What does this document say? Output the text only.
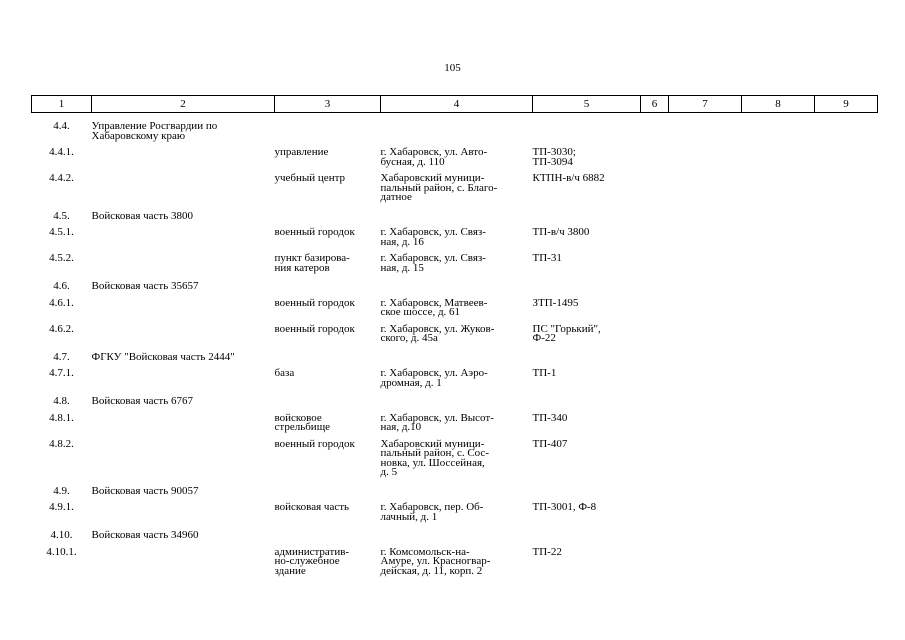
105
1	2	3	4	5	6	7	8	9
4.4.	Управление Росгвардии по
Хабаровскому краю							
4.4.1.		управление	г. Хабаровск, ул. Авто-
бусная, д. 110	ТП-3030;
ТП-3094				
4.4.2.		учебный центр	Хабаровский муници-
пальный район, с. Благо-
датное	КТПН-в/ч 6882				
4.5.	Войсковая часть 3800							
4.5.1.		военный городок	г. Хабаровск, ул. Связ-
ная, д. 16	ТП-в/ч 3800				
4.5.2.		пункт базирова-
ния катеров	г. Хабаровск, ул. Связ-
ная, д. 15	ТП-31				
4.6.	Войсковая часть 35657							
4.6.1.		военный городок	г. Хабаровск, Матвеев-
ское шоссе, д. 61	ЗТП-1495				
4.6.2.		военный городок	г. Хабаровск, ул. Жуков-
ского, д. 45а	ПС "Горький",
Ф-22				
4.7.	ФГКУ "Войсковая часть 2444"							
4.7.1.		база	г. Хабаровск, ул. Аэро-
дромная, д. 1	ТП-1				
4.8.	Войсковая часть 6767							
4.8.1.		войсковое
стрельбище	г. Хабаровск, ул. Высот-
ная, д.10	ТП-340				
4.8.2.		военный городок	Хабаровский муници-
пальный район, с. Сос-
новка, ул. Шоссейная,
д. 5	ТП-407				
4.9.	Войсковая часть 90057							
4.9.1.		войсковая часть	г. Хабаровск, пер. Об-
лачный, д. 1	ТП-3001, Ф-8				
4.10.	Войсковая часть 34960							
4.10.1.		административ-
но-служебное
здание	г. Комсомольск-на-
Амуре, ул. Красногвар-
дейская, д. 11, корп. 2	ТП-22				
